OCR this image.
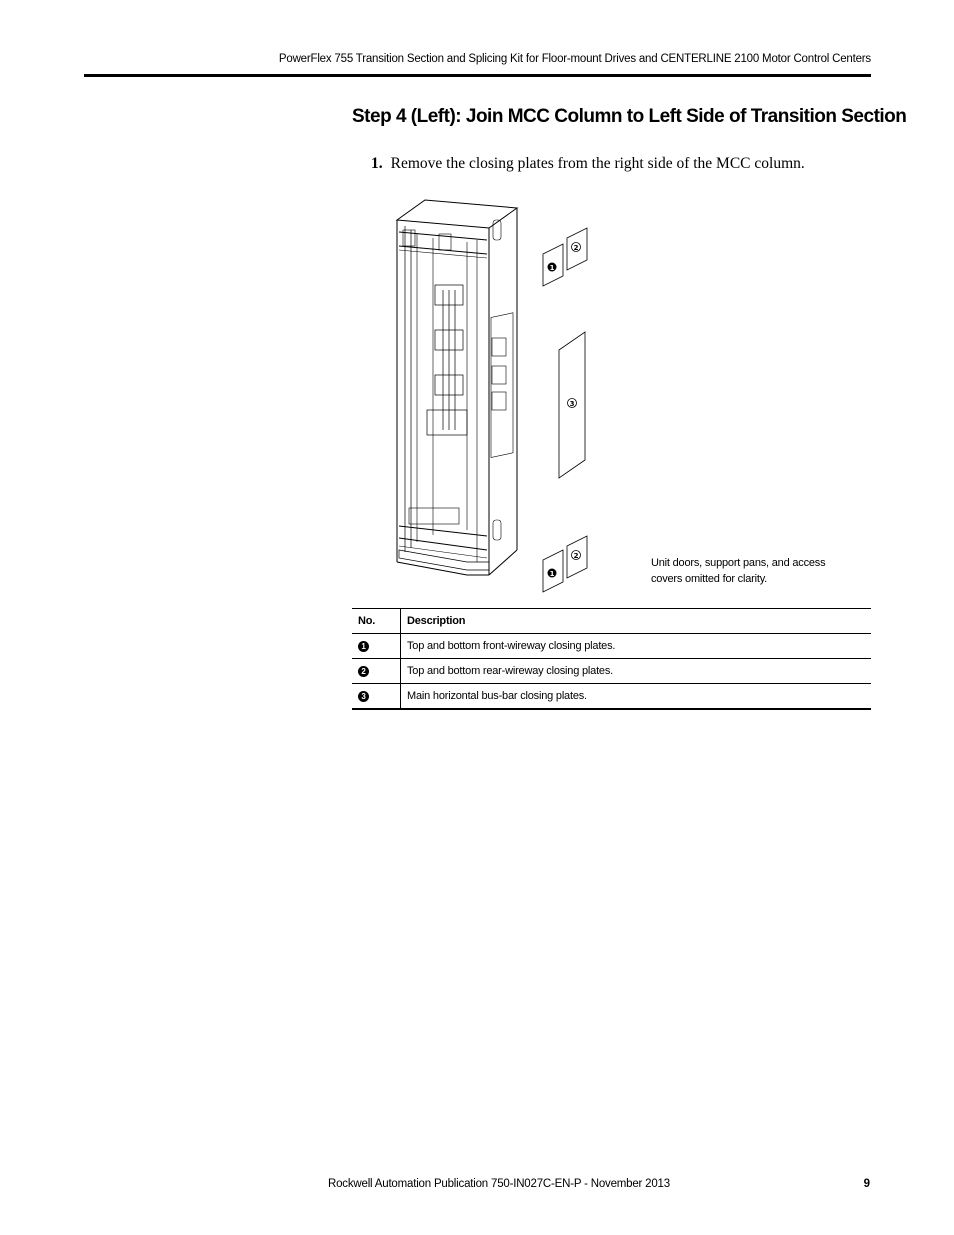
PowerFlex 755 Transition Section and Splicing Kit for Floor-mount Drives and CENTERLINE 2100 Motor Control Centers
Step 4 (Left): Join MCC Column to Left Side of Transition Section
1. Remove the closing plates from the right side of the MCC column.
1
2
3
1
2
Unit doors, support pans, and access
covers omitted for clarity.
No.	Description
1	Top and bottom front-wireway closing plates.
2	Top and bottom rear-wireway closing plates.
3	Main horizontal bus-bar closing plates.
Rockwell Automation Publication 750-IN027C-EN-P - November 2013	9
